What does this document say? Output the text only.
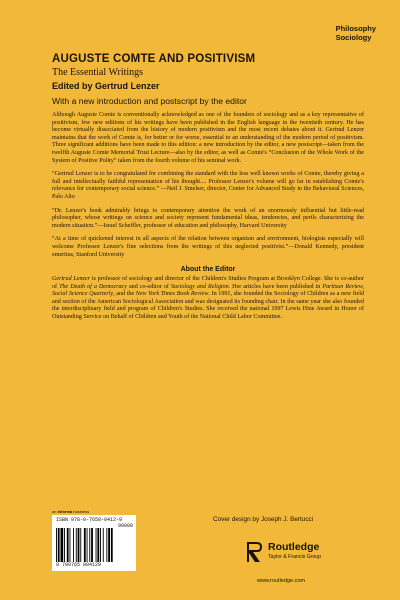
Philosophy
Sociology
AUGUSTE COMTE AND POSITIVISM
The Essential Writings
Edited by Gertrud Lenzer
With a new introduction and postscript by the editor

Although Auguste Comte is conventionally acknowledged as one of the founders of sociology and as a key representative of positivism, few new editions of his writings have been published in the English language in the twentieth century. He has become virtually dissociated from the history of modern positivism and the most recent debates about it. Gertrud Lenzer maintains that the work of Comte is, for better or for worse, essential to an understanding of the modern period of positivism. Three significant additions have been made to this edition: a new introduction by the editor, a new postscript—taken from the twelfth Auguste Comte Memorial Trust Lecture—also by the editor, as well as Comte's “Conclusion of the Whole Work of the System of Positive Polity” taken from the fourth volume of his seminal work.

“Gertrud Lenzer is to be congratulated for combining the standard with the less well known works of Comte, thereby giving a full and intellectually faithful representation of his thought.... Professor Lenzer's volume will go far in establishing Comte's relevance for contemporary social science.” —Neil J. Smelser, director, Center for Advanced Study in the Behavioral Sciences, Palo Alto

“Dr. Lenzer's book admirably brings to contemporary attention the work of an enormously influential but little-read philosopher, whose writings on science and society represent fundamental ideas, tendencies, and perils characterizing the modern situation.”—Israel Scheffler, professor of education and philosophy, Harvard University

“At a time of quickened interest in all aspects of the relation between organism and environment, biologists especially will welcome Professor Lenzer's fine selections from the writings of this neglected positivist.”—Donald Kennedy, president emeritus, Stanford University

About the Editor

Gertrud Lenzer is professor of sociology and director of the Children's Studies Program at Brooklyn College. She is co-author of The Death of a Democracy and co-editor of Sociology and Religion. Her articles have been published in Partisan Review, Social Science Quarterly, and the New York Times Book Review. In 1991, she founded the Sociology of Children as a new field and section of the American Sociological Association and was designated its founding chair. In the same year she also founded the interdisciplinary field and program of Children's Studies. She received the national 1997 Lewis Hine Award in Honor of Outstanding Service on Behalf of Children and Youth of the National Child Labor Committee.

an informa business
ISBN 978-0-7658-0412-9
90000
9 780765 804129
Cover design by Joseph J. Bertucci
Routledge
Taylor & Francis Group
www.routledge.com
